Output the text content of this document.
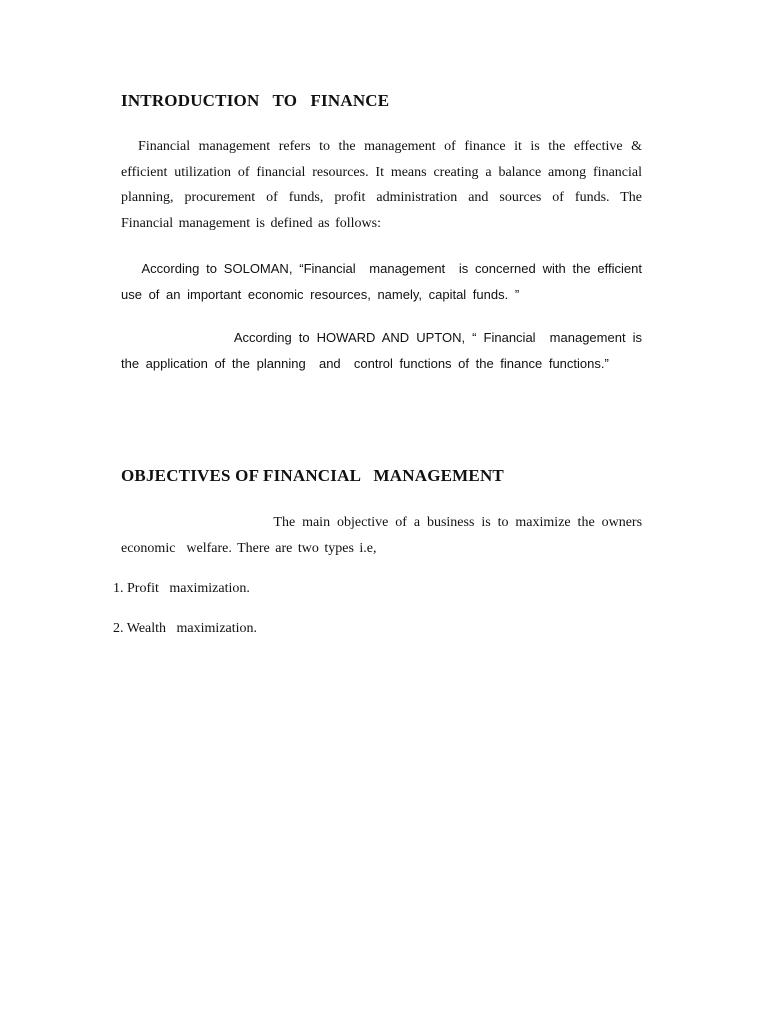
INTRODUCTION   TO   FINANCE

Financial management refers to the management of finance it is the effective & efficient utilization of financial resources. It means creating a balance among financial planning, procurement of funds, profit administration and sources of funds. The  Financial management is defined as follows:

According to SOLOMAN, “Financial  management  is concerned with the efficient use of an important economic resources, namely, capital funds. ”

According to HOWARD AND UPTON, “ Financial  management is the application of the planning  and  control functions of the finance functions.”

OBJECTIVES OF FINANCIAL   MANAGEMENT

The main objective of a business is to maximize the owners economic  welfare. There are two types i.e,

1. Profit   maximization.

2. Wealth   maximization.
